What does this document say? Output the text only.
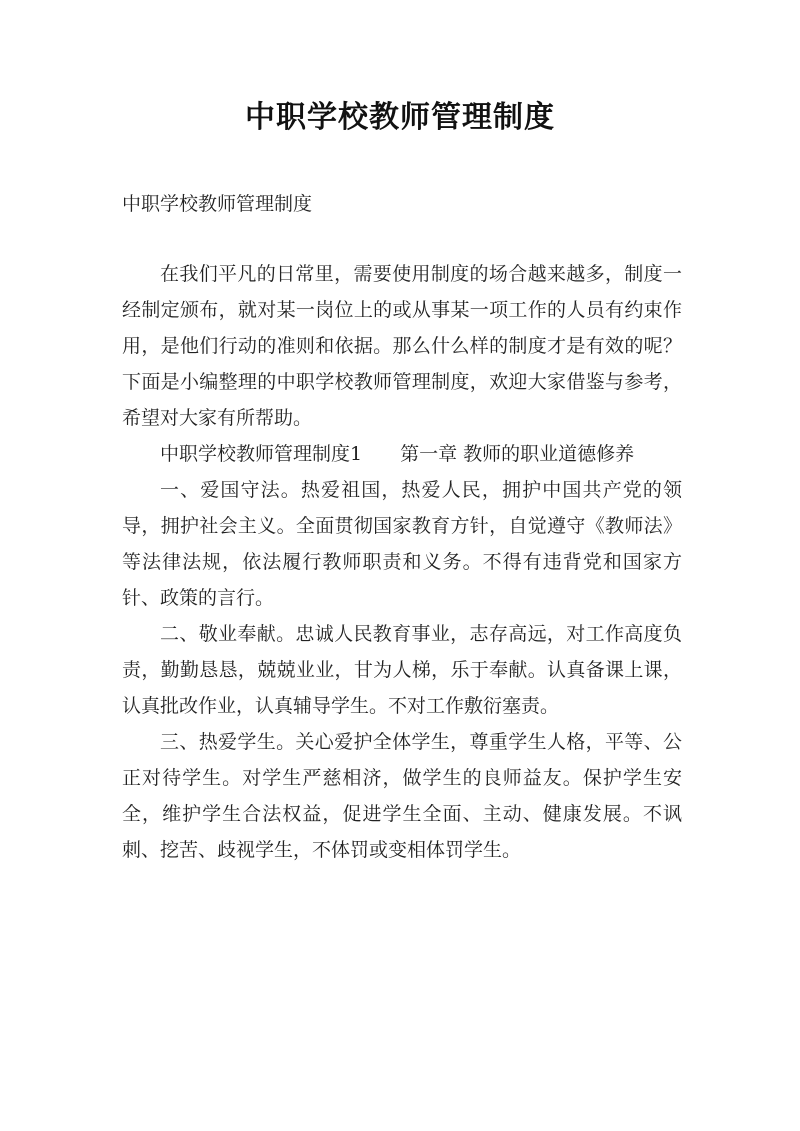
中职学校教师管理制度
中职学校教师管理制度

在我们平凡的日常里，需要使用制度的场合越来越多，制度一经制定颁布，就对某一岗位上的或从事某一项工作的人员有约束作用，是他们行动的准则和依据。那么什么样的制度才是有效的呢？下面是小编整理的中职学校教师管理制度，欢迎大家借鉴与参考，希望对大家有所帮助。

中职学校教师管理制度1　　第一章 教师的职业道德修养

一、爱国守法。热爱祖国，热爱人民，拥护中国共产党的领导，拥护社会主义。全面贯彻国家教育方针，自觉遵守《教师法》等法律法规，依法履行教师职责和义务。不得有违背党和国家方针、政策的言行。

二、敬业奉献。忠诚人民教育事业，志存高远，对工作高度负责，勤勤恳恳，兢兢业业，甘为人梯，乐于奉献。认真备课上课，认真批改作业，认真辅导学生。不对工作敷衍塞责。

三、热爱学生。关心爱护全体学生，尊重学生人格，平等、公正对待学生。对学生严慈相济，做学生的良师益友。保护学生安全，维护学生合法权益，促进学生全面、主动、健康发展。不讽刺、挖苦、歧视学生，不体罚或变相体罚学生。
